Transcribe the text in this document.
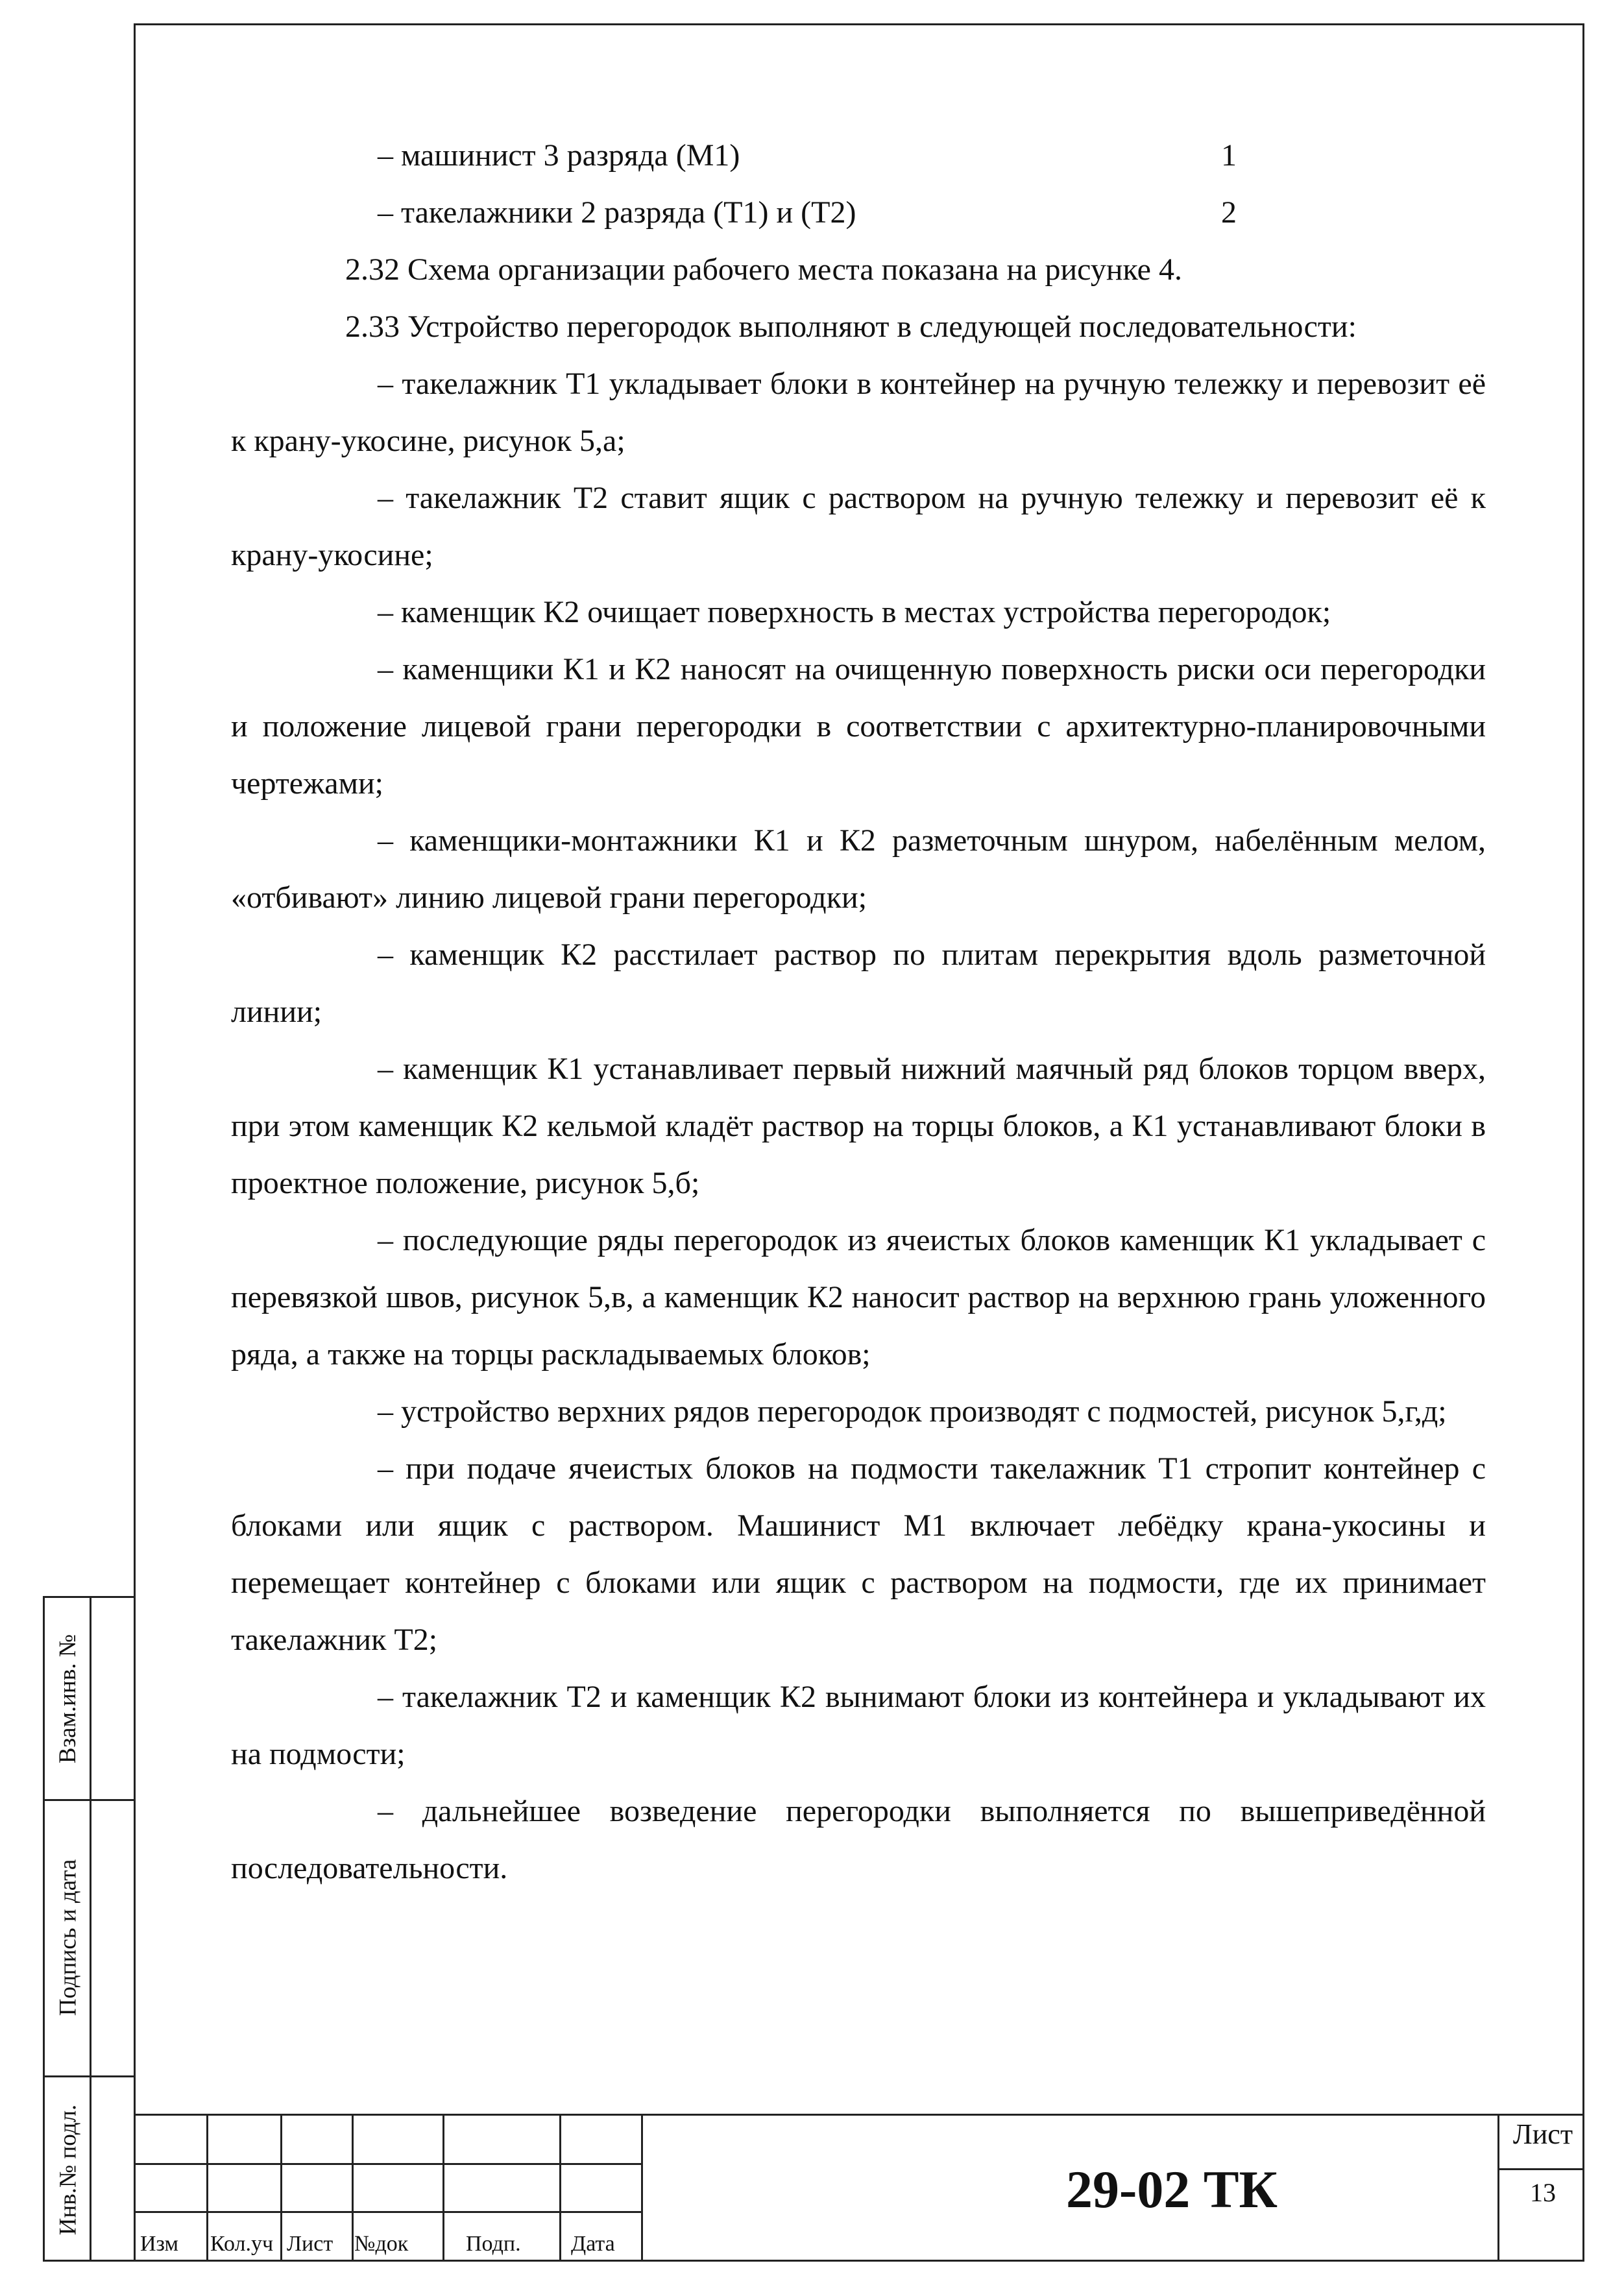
Взам.инв. №
Подпись и дата
Инв.№ подл.
– машинист 3 разряда (М1)	1
– такелажники 2 разряда (Т1) и (Т2)	2

2.32 Схема организации рабочего места показана на рисунке 4.

2.33 Устройство перегородок выполняют в следующей последовательности:

– такелажник Т1 укладывает блоки в контейнер на ручную тележку и перевозит её к крану-укосине, рисунок 5,а;

– такелажник Т2 ставит ящик с раствором на ручную тележку и перевозит её к крану-укосине;

– каменщик К2 очищает поверхность в местах устройства перегородок;

– каменщики К1 и К2 наносят на очищенную поверхность риски оси перегородки и положение лицевой грани перегородки в соответствии с архитектурно-планировочными чертежами;

– каменщики-монтажники К1 и К2 разметочным шнуром, набелённым мелом, «отбивают» линию лицевой грани перегородки;

– каменщик К2 расстилает раствор по плитам перекрытия вдоль разметочной линии;

– каменщик К1 устанавливает первый нижний маячный ряд блоков торцом вверх, при этом каменщик К2 кельмой кладёт раствор на торцы блоков, а К1 устанавливают блоки в проектное положение, рисунок 5,б;

– последующие ряды перегородок из ячеистых блоков каменщик К1 укладывает с перевязкой швов, рисунок 5,в, а каменщик К2 наносит раствор на верхнюю грань уложенного ряда, а также на торцы раскладываемых блоков;

– устройство верхних рядов перегородок производят с подмостей, рисунок 5,г,д;

– при подаче ячеистых блоков на подмости такелажник Т1 стропит контейнер с блоками или ящик с раствором. Машинист М1 включает лебёдку крана-укосины и перемещает контейнер с блоками или ящик с раствором на подмости, где их принимает такелажник Т2;

– такелажник Т2 и каменщик К2 вынимают блоки из контейнера и укладывают их на подмости;

– дальнейшее возведение перегородки выполняется по вышеприведённой последовательности.

Изм Кол.уч Лист №док	Подп. Дата
29-02 ТК
Лист
13
